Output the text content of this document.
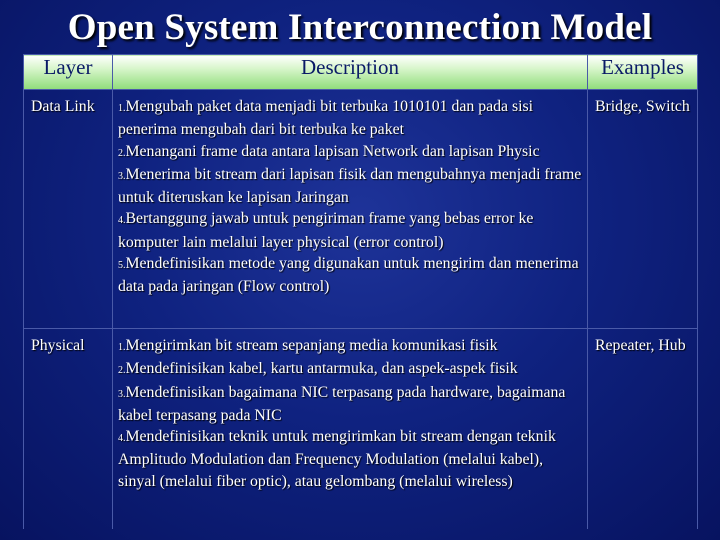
Open System Interconnection Model
Layer	Description	Examples
Data Link	1.Mengubah paket data menjadi bit terbuka 1010101 dan pada sisi penerima mengubah dari bit terbuka ke paket
2.Menangani frame data antara lapisan Network dan lapisan Physic
3.Menerima bit stream dari lapisan fisik dan mengubahnya menjadi frame untuk diteruskan ke lapisan Jaringan
4.Bertanggung jawab untuk pengiriman frame yang bebas error ke komputer lain melalui layer physical (error control)
5.Mendefinisikan metode yang digunakan untuk mengirim dan menerima data pada jaringan (Flow control)	Bridge, Switch
Physical	1.Mengirimkan bit stream sepanjang media komunikasi fisik
2.Mendefinisikan kabel, kartu antarmuka, dan aspek-aspek fisik
3.Mendefinisikan bagaimana NIC terpasang pada hardware, bagaimana kabel terpasang pada NIC
4.Mendefinisikan teknik untuk mengirimkan bit stream dengan teknik Amplitudo Modulation dan Frequency Modulation (melalui kabel), sinyal (melalui fiber optic), atau gelombang (melalui wireless)	Repeater, Hub
